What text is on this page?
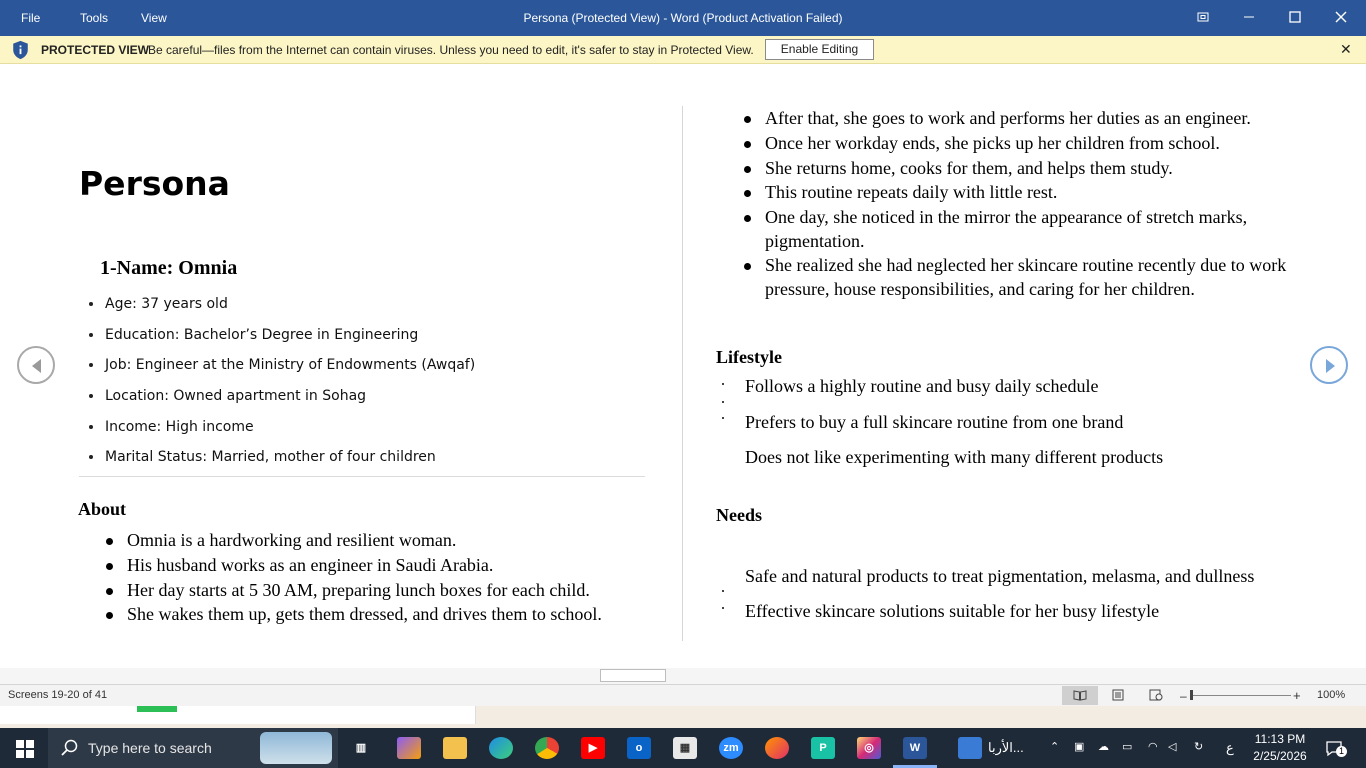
File	Tools	View	Persona (Protected View) - Word (Product Activation Failed)
PROTECTED VIEW
Be careful—files from the Internet can contain viruses. Unless you need to edit, it's safer to stay in Protected View.	Enable Editing	✕
Persona
1-Name: Omnia
Age: 37 years old
Education: Bachelor’s Degree in Engineering
Job: Engineer at the Ministry of Endowments (Awqaf)
Location: Owned apartment in Sohag
Income: High income
Marital Status: Married, mother of four children
About
Omnia is a hardworking and resilient woman.
His husband works as an engineer in Saudi Arabia.
Her day starts at 5 30 AM, preparing lunch boxes for each child.
She wakes them up, gets them dressed, and drives them to school.
After that, she goes to work and performs her duties as an engineer.
Once her workday ends, she picks up her children from school.
She returns home, cooks for them, and helps them study.
This routine repeats daily with little rest.
One day, she noticed in the mirror the appearance of stretch marks, pigmentation.
She realized she had neglected her skincare routine recently due to work pressure, house responsibilities, and caring for her children.
Lifestyle
Follows a highly routine and busy daily schedule
Prefers to buy a full skincare routine from one brand
Does not like experimenting with many different products
Needs
Safe and natural products to treat pigmentation, melasma, and dullness
Effective skincare solutions suitable for her busy lifestyle
Screens 19-20 of 41	–	+ 100%
Type here to search	▥	▶	o	▦	zm	P	◎	W	الأربا... ⌃ ▣ ☁ ▭ ◠ ◁ ↻ ع
11:13 PM
2/25/2026	1
